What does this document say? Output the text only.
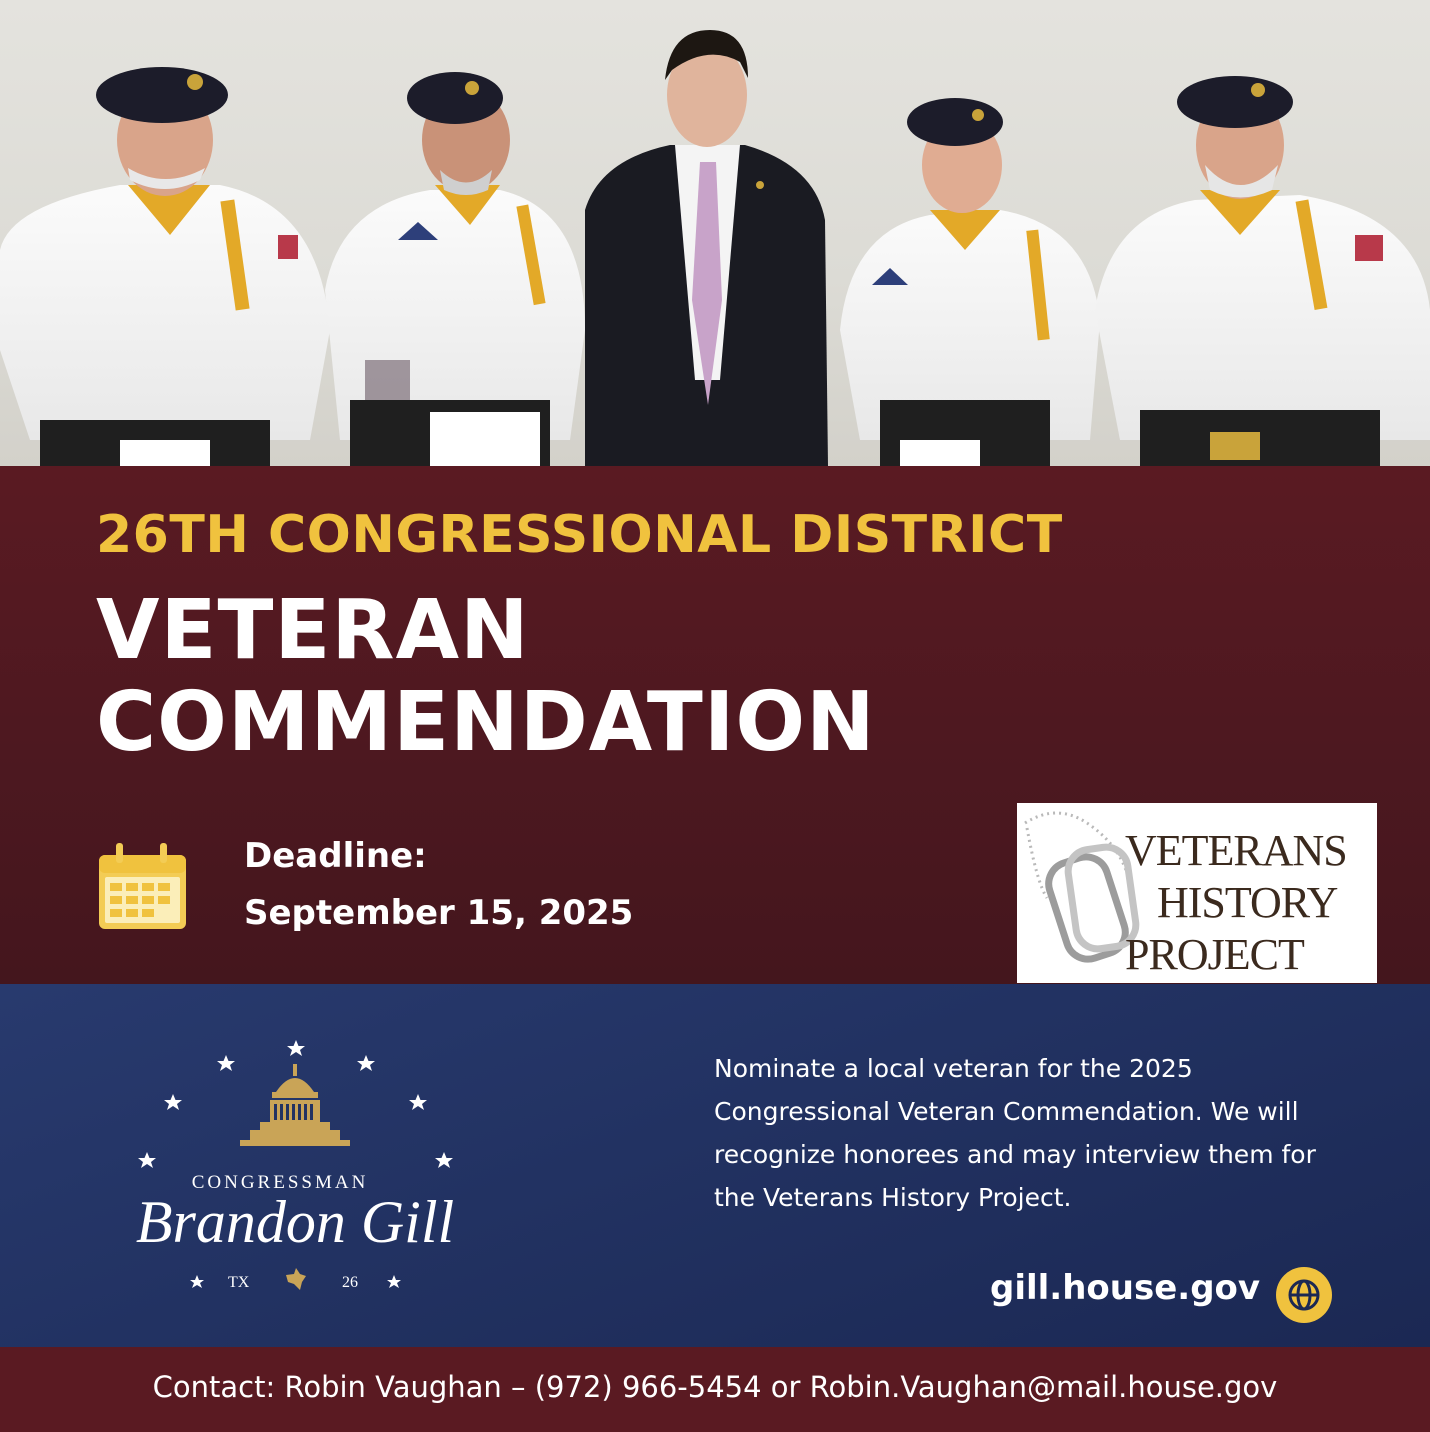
26TH CONGRESSIONAL DISTRICT
VETERAN
COMMENDATION
Deadline:
September 15, 2025
VETERANS
HISTORY
PROJECT
CONGRESSMAN
Brandon Gill
TX	26
Nominate a local veteran for the 2025 Congressional Veteran Commendation. We will recognize honorees and may interview them for the Veterans History Project.
gill.house.gov
Contact: Robin Vaughan – (972) 966-5454 or Robin.Vaughan@mail.house.gov
